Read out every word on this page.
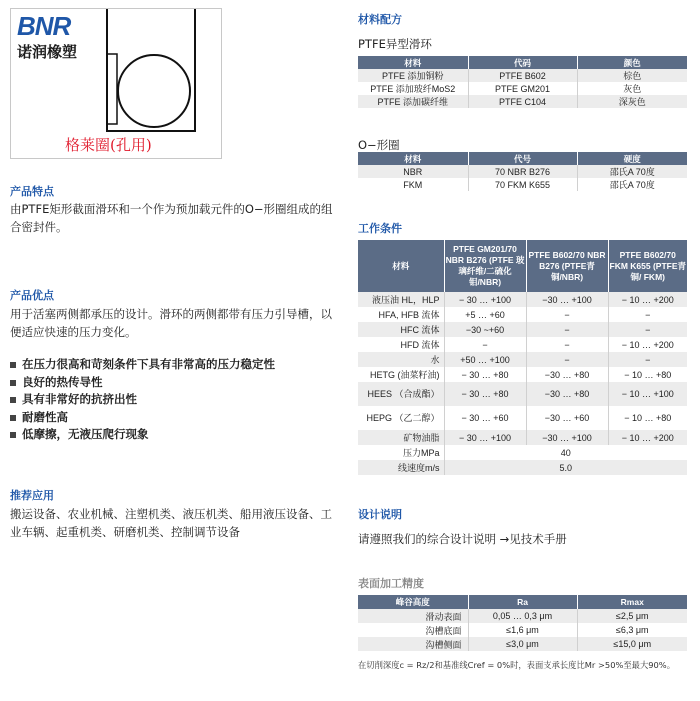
BNR
诺润橡塑
格莱圈(孔用)
产品特点
由PTFE矩形截面滑环和一个作为预加载元件的O−形圈组成的组合密封件。
产品优点
用于活塞两侧都承压的设计。滑环的两侧都带有压力引导槽，以便适应快速的压力变化。
在压力很高和苛刻条件下具有非常高的压力稳定性
良好的热传导性
具有非常好的抗挤出性
耐磨性高
低摩擦，无液压爬行现象
推荐应用
搬运设备、农业机械、注塑机类、液压机类、船用液压设备、工业车辆、起重机类、研磨机类、控制调节设备
材料配方
PTFE异型滑环
材料	代码	颜色
PTFE 添加铜粉	PTFE B602	棕色
PTFE 添加玻纤MoS2	PTFE GM201	灰色
PTFE 添加碳纤维	PTFE C104	深灰色
O−形圈
材料	代号	硬度
NBR	70 NBR B276	邵氏A 70度
FKM	70 FKM K655	邵氏A 70度
工作条件
材料	PTFE GM201/70 NBR B276 (PTFE 玻璃纤维/二硫化钼/NBR)	PTFE B602/70 NBR B276 (PTFE青铜/NBR)	PTFE B602/70 FKM K655 (PTFE青铜/ FKM)
液压油 HL，HLP	− 30 … +100	−30 … +100	− 10 … +200
HFA, HFB 流体	+5 … +60	−	−
HFC 流体	−30 ~+60	−	−
HFD 流体	−	−	− 10 … +200
水	+50 … +100	−	−
HETG (油菜籽油)	− 30 … +80	−30 … +80	− 10 … +80
HEES （合成酯）	− 30 … +80	−30 … +80	− 10 … +100
HEPG （乙二醇）	− 30 … +60	−30 … +60	− 10 … +80
矿物油脂	− 30 … +100	−30 … +100	− 10 … +200
压力MPa	40		
线速度m/s	5.0		
设计说明
请遵照我们的综合设计说明 →见技术手册
表面加工精度
峰谷高度	Ra	Rmax
滑动表面	0,05 … 0,3 μm	≤2,5 μm
沟槽底面	≤1,6 μm	≤6,3 μm
沟槽侧面	≤3,0 μm	≤15,0 μm
在切削深度c = Rz/2和基准线Cref = 0%时，表面支承长度比Mr >50%至最大90%。
